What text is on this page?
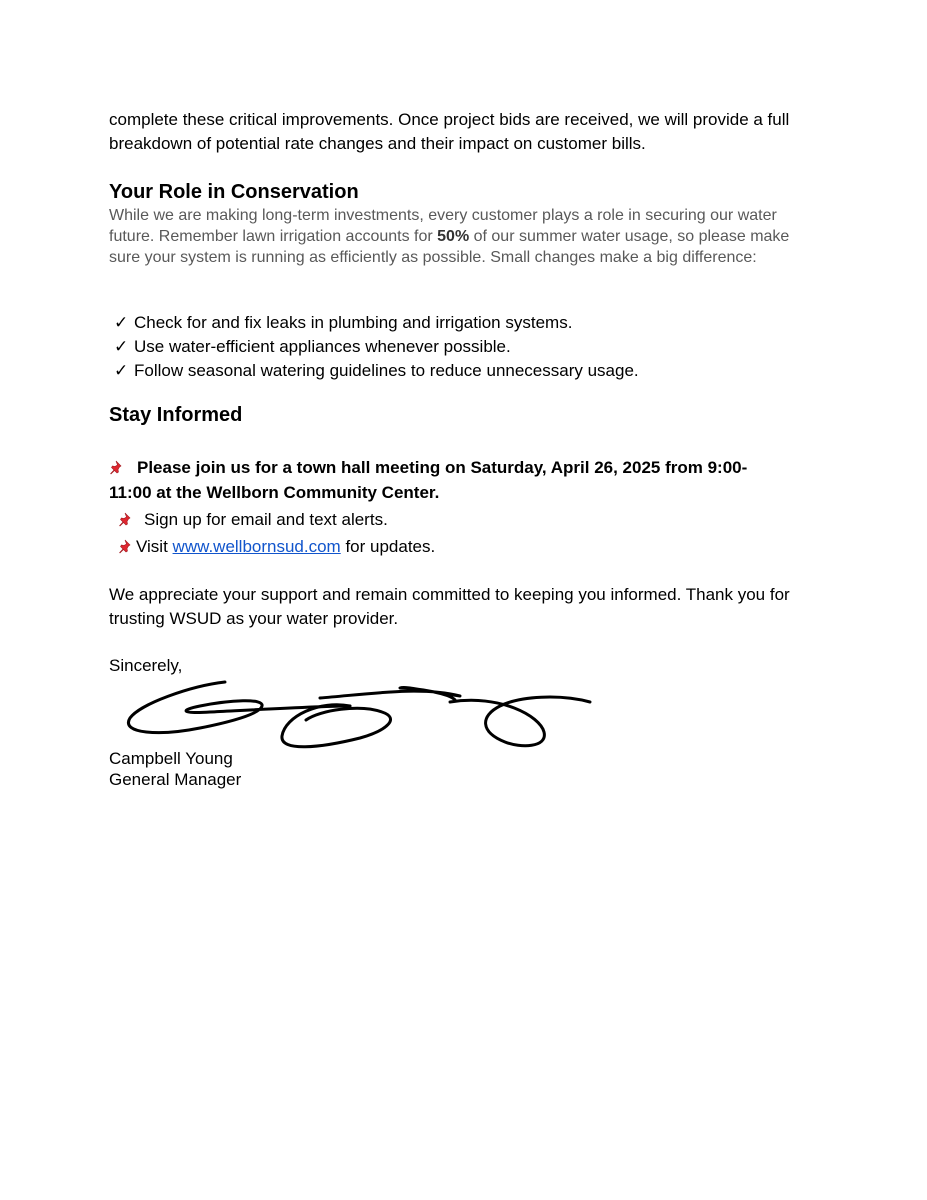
complete these critical improvements. Once project bids are received, we will provide a full breakdown of potential rate changes and their impact on customer bills.

Your Role in Conservation

While we are making long-term investments, every customer plays a role in securing our water future. Remember lawn irrigation accounts for 50% of our summer water usage, so please make sure your system is running as efficiently as possible. Small changes make a big difference:

✓ Check for and fix leaks in plumbing and irrigation systems.
✓ Use water-efficient appliances whenever possible.
✓ Follow seasonal watering guidelines to reduce unnecessary usage.
Stay Informed

Please join us for a town hall meeting on Saturday, April 26, 2025 from 9:00-11:00 at the Wellborn Community Center.

Sign up for email and text alerts.

Visit www.wellbornsud.com for updates.

We appreciate your support and remain committed to keeping you informed. Thank you for trusting WSUD as your water provider.

Sincerely,

Campbell Young

General Manager
